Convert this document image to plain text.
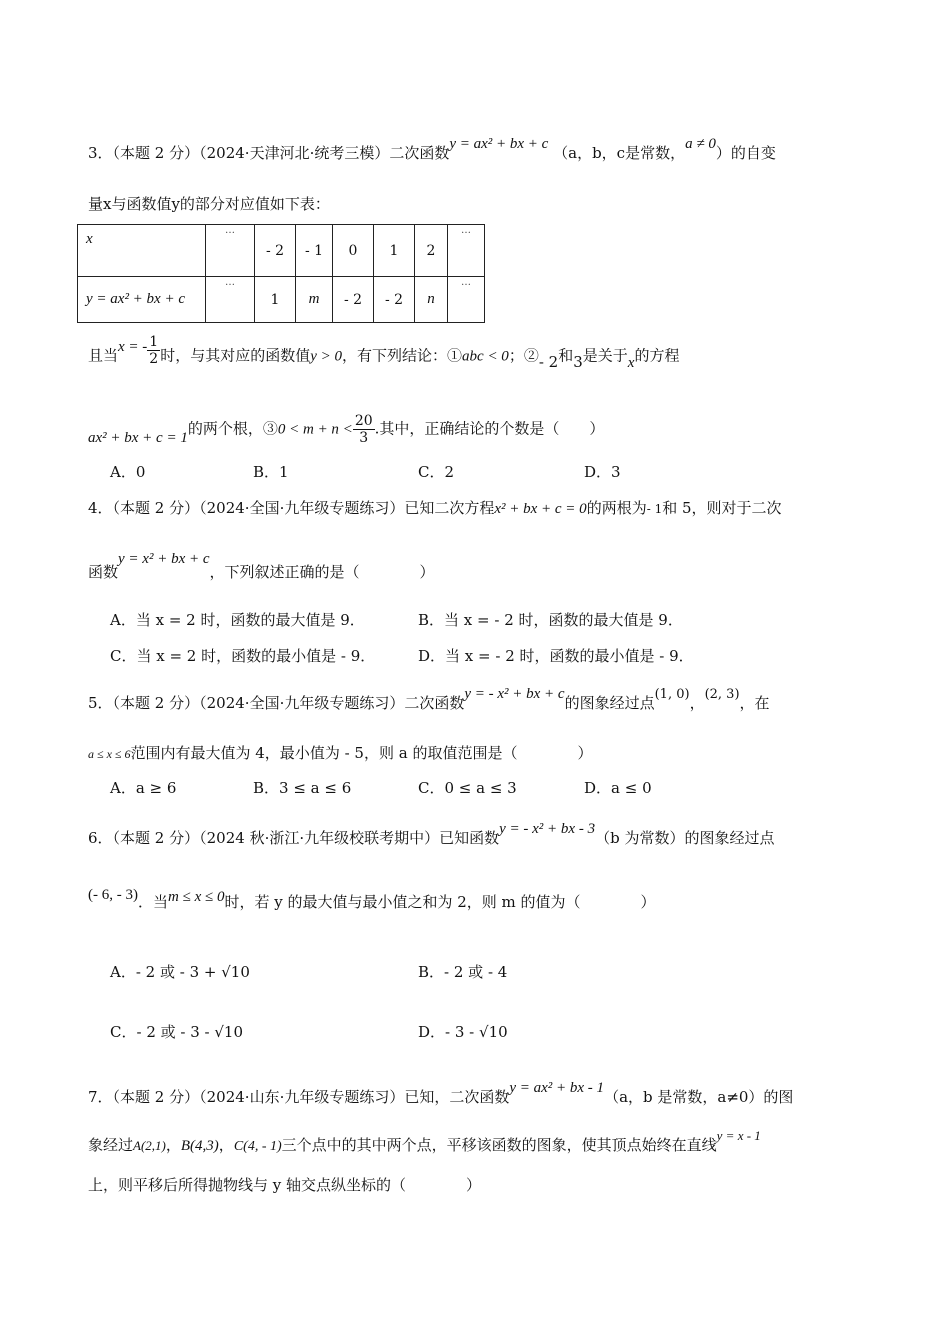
3．（本题 2 分）（2024·天津河北·统考三模）二次函数y = ax² + bx + c （a，b，c是常数，a ≠ 0）的自变
量x与函数值y的部分对应值如下表：
x	…	- 2	- 1	0	1	2	…
y = ax² + bx + c	…	1	m	- 2	- 2	n	…
且当x = - $\frac{1}{2}$ 时，与其对应的函数值y > 0，有下列结论：①abc < 0；②- 2和3是关于x的方程
ax² + bx + c = 1的两个根，③0 < $m + n < \frac{20}{3}$ .其中，正确结论的个数是（　　）
A．0	B．1	C．2	D．3
4．（本题 2 分）（2024·全国·九年级专题练习）已知二次方程x² + bx + c = 0的两根为- 1和 5，则对于二次
函数y = x² + bx + c，下列叙述正确的是（　　　　）
A．当 x = 2 时，函数的最大值是 9．	B．当 x = - 2 时，函数的最大值是 9．
C．当 x = 2 时，函数的最小值是 - 9．	D．当 x = - 2 时，函数的最小值是 - 9．
5．（本题 2 分）（2024·全国·九年级专题练习）二次函数y = - x² + bx + c的图象经过点(1, 0)，(2, 3)，在
a ≤ x ≤ 6范围内有最大值为 4，最小值为 - 5，则 a 的取值范围是（　　　　）
A．a ≥ 6	B．3 ≤ a ≤ 6	C．0 ≤ a ≤ 3	D．a ≤ 0
6．（本题 2 分）（2024 秋·浙江·九年级校联考期中）已知函数y = - x² + bx - 3（b 为常数）的图象经过点
(- 6, - 3)．当m ≤ x ≤ 0时，若 y 的最大值与最小值之和为 2，则 m 的值为（　　　　）
A．- 2 或 - 3 + √10	B．- 2 或 - 4
C．- 2 或 - 3 - √10	D．- 3 - √10
7．（本题 2 分）（2024·山东·九年级专题练习）已知，二次函数y = ax² + bx - 1（a，b 是常数，a≠0）的图
象经过A(2,1)，B(4,3)，C(4, - 1)三个点中的其中两个点，平移该函数的图象，使其顶点始终在直线y = x - 1
上，则平移后所得抛物线与 y 轴交点纵坐标的（　　　　）
